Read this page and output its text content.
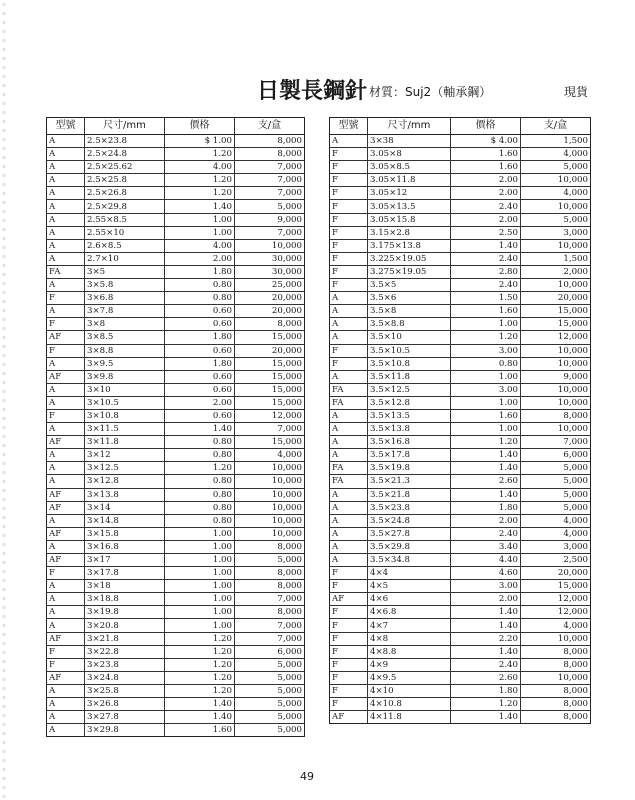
日製長鋼針 材質：Suj2（軸承鋼）	現貨
型號	尺寸/mm	價格	支/盒
A	2.5×23.8	$ 1.00	8,000
A	2.5×24.8	1.20	8,000
A	2.5×25.62	4.00	7,000
A	2.5×25.8	1.20	7,000
A	2.5×26.8	1.20	7,000
A	2.5×29.8	1.40	5,000
A	2.55×8.5	1.00	9,000
A	2.55×10	1.00	7,000
A	2.6×8.5	4.00	10,000
A	2.7×10	2.00	30,000
FA	3×5	1.80	30,000
A	3×5.8	0.80	25,000
F	3×6.8	0.80	20,000
A	3×7.8	0.60	20,000
F	3×8	0.60	8,000
AF	3×8.5	1.80	15,000
F	3×8.8	0.60	20,000
A	3×9.5	1.80	15,000
AF	3×9.8	0.60	15,000
A	3×10	0.60	15,000
A	3×10.5	2.00	15,000
F	3×10.8	0.60	12,000
A	3×11.5	1.40	7,000
AF	3×11.8	0.80	15,000
A	3×12	0.80	4,000
A	3×12.5	1.20	10,000
A	3×12.8	0.80	10,000
AF	3×13.8	0.80	10,000
AF	3×14	0.80	10,000
A	3×14.8	0.80	10,000
AF	3×15.8	1.00	10,000
A	3×16.8	1.00	8,000
AF	3×17	1.00	5,000
F	3×17.8	1.00	8,000
A	3×18	1.00	8,000
A	3×18.8	1.00	7,000
A	3×19.8	1.00	8,000
A	3×20.8	1.00	7,000
AF	3×21.8	1.20	7,000
F	3×22.8	1.20	6,000
F	3×23.8	1.20	5,000
AF	3×24.8	1.20	5,000
A	3×25.8	1.20	5,000
A	3×26.8	1.40	5,000
A	3×27.8	1.40	5,000
A	3×29.8	1.60	5,000
型號	尺寸/mm	價格	支/盒
A	3×38	$ 4.00	1,500
F	3.05×8	1.60	4,000
F	3.05×8.5	1.60	5,000
F	3.05×11.8	2.00	10,000
F	3.05×12	2.00	4,000
F	3.05×13.5	2.40	10,000
F	3.05×15.8	2.00	5,000
F	3.15×2.8	2.50	3,000
F	3.175×13.8	1.40	10,000
F	3.225×19.05	2.40	1,500
F	3.275×19.05	2.80	2,000
F	3.5×5	2.40	10,000
A	3.5×6	1.50	20,000
A	3.5×8	1.60	15,000
A	3.5×8.8	1.00	15,000
A	3.5×10	1.20	12,000
F	3.5×10.5	3.00	10,000
F	3.5×10.8	0.80	10,000
A	3.5×11.8	1.00	9,000
FA	3.5×12.5	3.00	10,000
FA	3.5×12.8	1.00	10,000
A	3.5×13.5	1.60	8,000
A	3.5×13.8	1.00	10,000
A	3.5×16.8	1.20	7,000
A	3.5×17.8	1.40	6,000
FA	3.5×19.8	1.40	5,000
FA	3.5×21.3	2.60	5,000
A	3.5×21.8	1.40	5,000
A	3.5×23.8	1.80	5,000
A	3.5×24.8	2.00	4,000
A	3.5×27.8	2.40	4,000
A	3.5×29.8	3.40	3,000
A	3.5×34.8	4.40	2,500
F	4×4	4.60	20,000
F	4×5	3.00	15,000
AF	4×6	2.00	12,000
F	4×6.8	1.40	12,000
F	4×7	1.40	4,000
F	4×8	2.20	10,000
F	4×8.8	1.40	8,000
F	4×9	2.40	8,000
F	4×9.5	2.60	10,000
F	4×10	1.80	8,000
F	4×10.8	1.20	8,000
AF	4×11.8	1.40	8,000
49
